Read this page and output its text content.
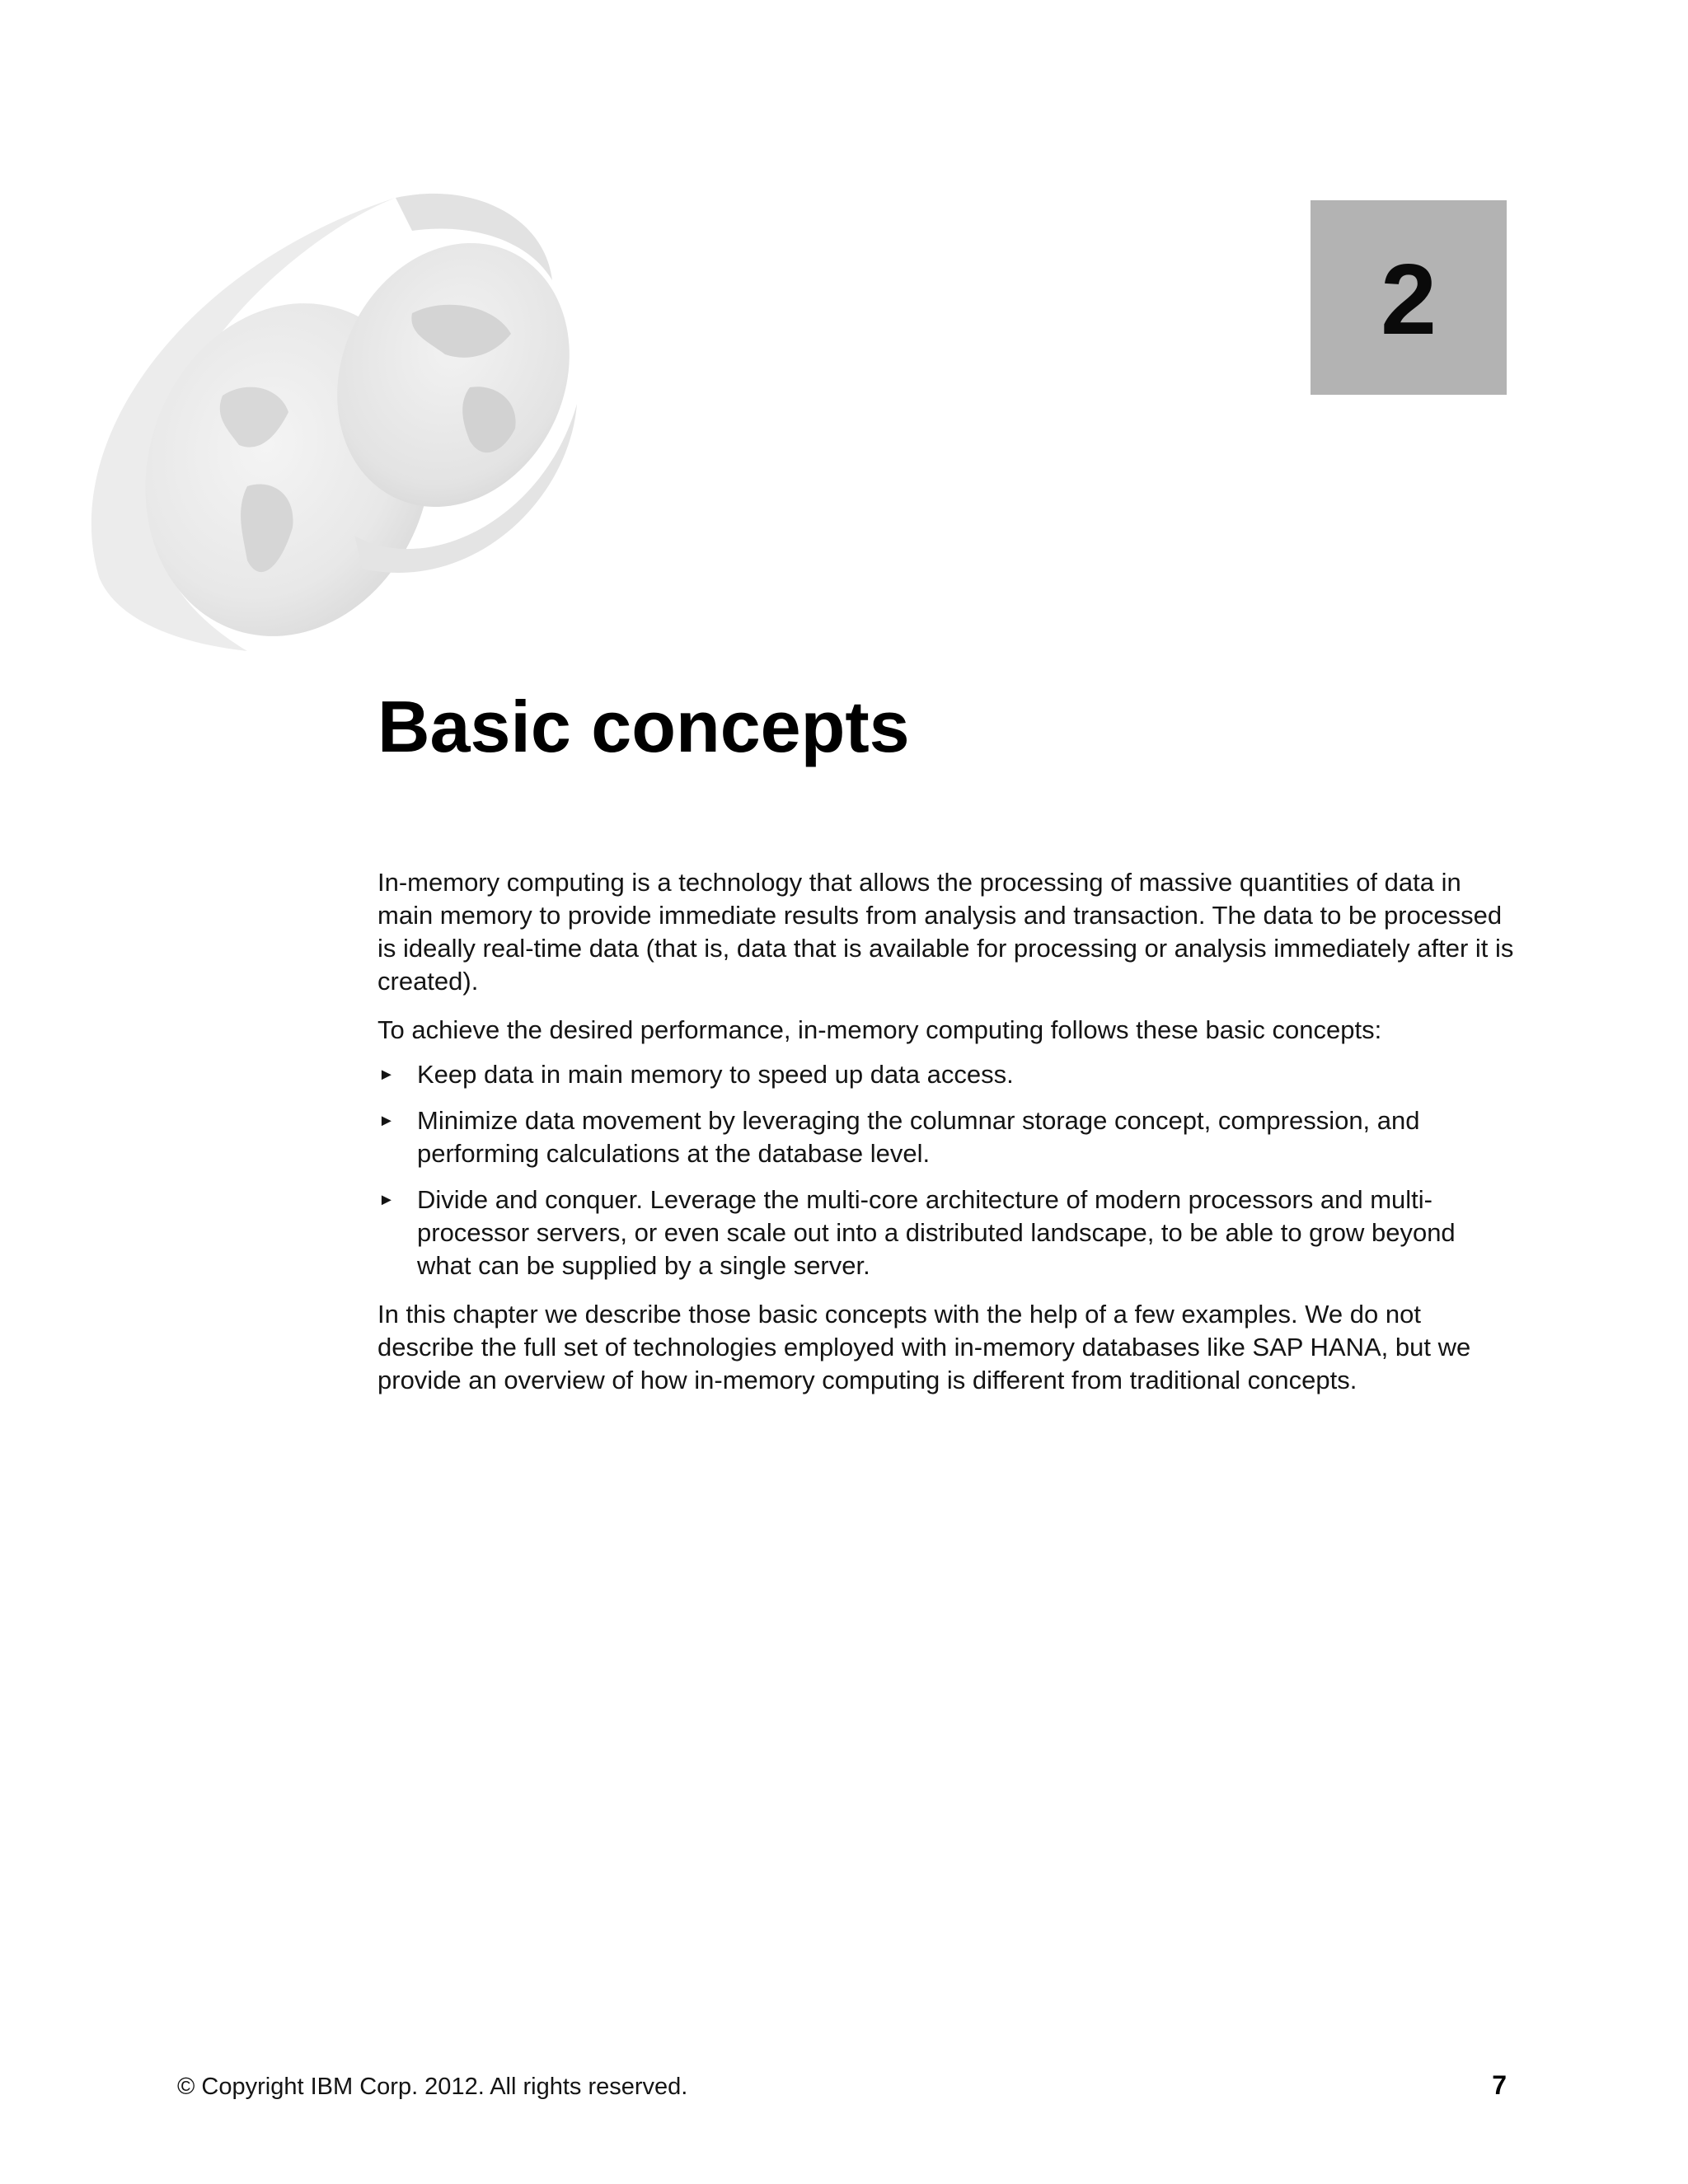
2
Basic concepts

In-memory computing is a technology that allows the processing of massive quantities of data in main memory to provide immediate results from analysis and transaction. The data to be processed is ideally real-time data (that is, data that is available for processing or analysis immediately after it is created).

To achieve the desired performance, in-memory computing follows these basic concepts:

► Keep data in main memory to speed up data access.
► Minimize data movement by leveraging the columnar storage concept, compression, and performing calculations at the database level.
► Divide and conquer. Leverage the multi-core architecture of modern processors and multi-processor servers, or even scale out into a distributed landscape, to be able to grow beyond what can be supplied by a single server.

In this chapter we describe those basic concepts with the help of a few examples. We do not describe the full set of technologies employed with in-memory databases like SAP HANA, but we provide an overview of how in-memory computing is different from traditional concepts.

© Copyright IBM Corp. 2012. All rights reserved.	7
